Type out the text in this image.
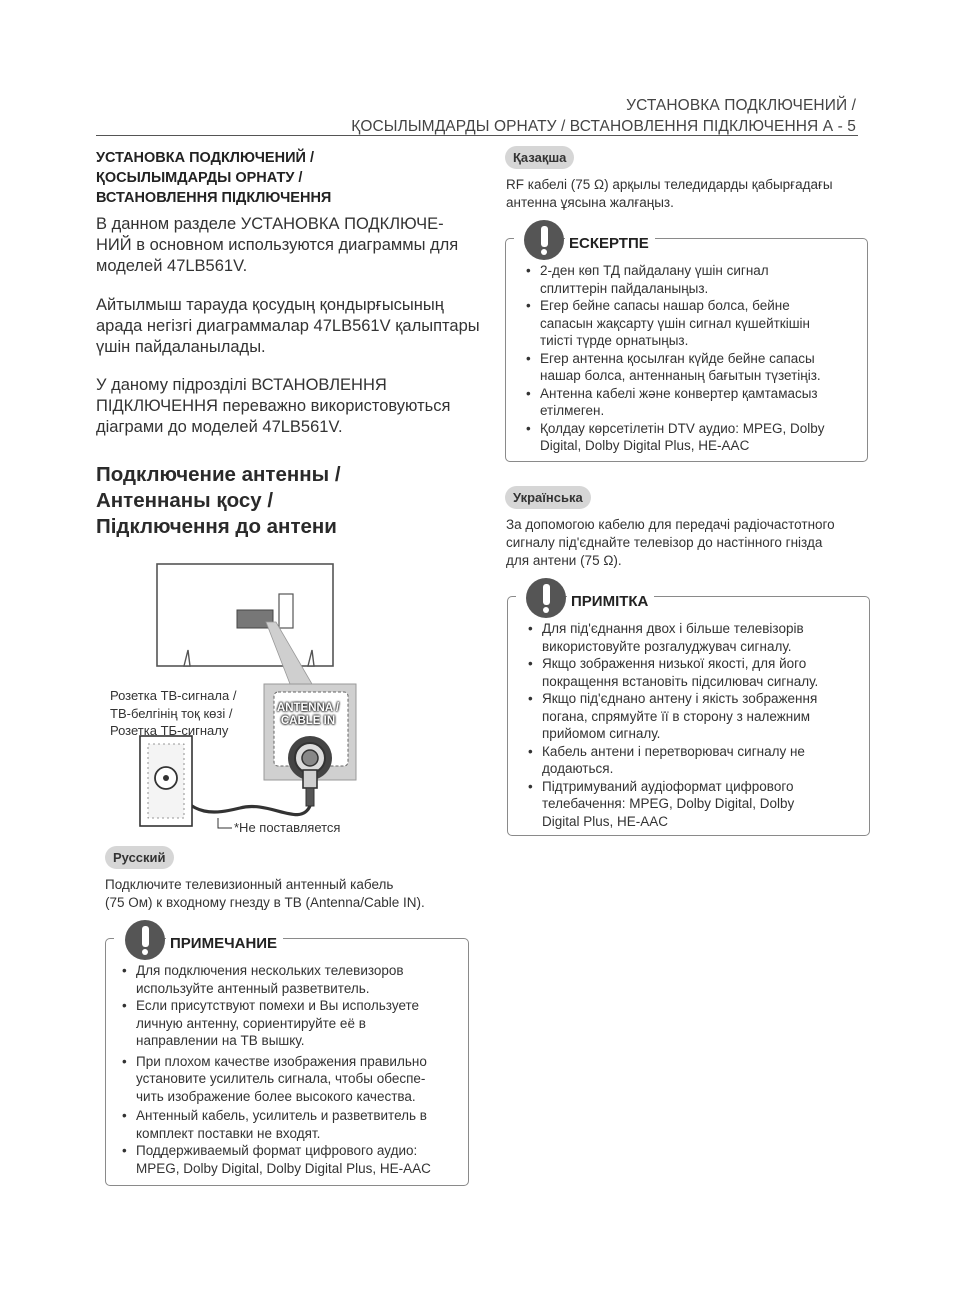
УСТАНОВКА ПОДКЛЮЧЕНИЙ /
ҚОСЫЛЫМДАРДЫ ОРНАТУ / ВСТАНОВЛЕННЯ ПІДКЛЮЧЕННЯ А - 5
УСТАНОВКА ПОДКЛЮЧЕНИЙ /
ҚОСЫЛЫМДАРДЫ ОРНАТУ /
ВСТАНОВЛЕННЯ ПІДКЛЮЧЕННЯ
В данном разделе УСТАНОВКА ПОДКЛЮЧЕ-
НИЙ в основном используются диаграммы для
моделей 47LB561V.
Айтылмыш тарауда қосудың қондырғысының
арада негізгі диаграммалар 47LB561V қалыптары
үшін пайдаланылады.
У даному підрозділі ВСТАНОВЛЕННЯ
ПІДКЛЮЧЕННЯ переважно використовуються
діаграми до моделей 47LB561V.
Подключение антенны /
Антеннаны қосу /
Підключення до антени
ANTENNA /
CABLE IN
Розетка ТВ-сигнала /
ТВ-белгінің тоқ көзі /
Розетка ТБ-сигналу
*Не поставляется
Русский
Подключите телевизионный антенный кабель
(75 Ом) к входному гнезду в ТВ (Antenna/Cable IN).
ПРИМЕЧАНИЕ
• Для подключения нескольких телевизоров
используйте антенный разветвитель.
• Если присутствуют помехи и Вы используете
личную антенну, сориентируйте её в
направлении на ТВ вышку.
• При плохом качестве изображения правильно
установите усилитель сигнала, чтобы обеспе-
чить изображение более высокого качества.
• Антенный кабель, усилитель и разветвитель в
комплект поставки не входят.
• Поддерживаемый формат цифрового аудио:
MPEG, Dolby Digital, Dolby Digital Plus, HE-AAC
Қазақша
RF кабелі (75 Ω) арқылы теледидарды қабырғадағы
антенна ұясына жалғаңыз.
ЕСКЕРТПЕ
• 2-ден көп ТД пайдалану үшін сигнал
сплиттерін пайдаланыңыз.
• Егер бейне сапасы нашар болса, бейне
сапасын жақсарту үшін сигнал күшейткішін
тиісті түрде орнатыңыз.
• Егер антенна қосылған күйде бейне сапасы
нашар болса, антеннаның бағытын түзетіңіз.
• Антенна кабелі және конвертер қамтамасыз
етілмеген.
• Қолдау көрсетілетін DTV аудио: MPEG, Dolby
Digital, Dolby Digital Plus, HE-AAC
Українська
За допомогою кабелю для передачі радіочастотного
сигналу під'єднайте телевізор до настінного гнізда
для антени (75 Ω).
ПРИМІТКА
• Для під'єднання двох і більше телевізорів
використовуйте розгалуджувач сигналу.
• Якщо зображення низької якості, для його
покращення встановіть підсилювач сигналу.
• Якщо під'єднано антену і якість зображення
погана, спрямуйте її в сторону з належним
прийомом сигналу.
• Кабель антени і перетворювач сигналу не
додаються.
• Підтримуваний аудіоформат цифрового
телебачення: MPEG, Dolby Digital, Dolby
Digital Plus, HE-AAC
